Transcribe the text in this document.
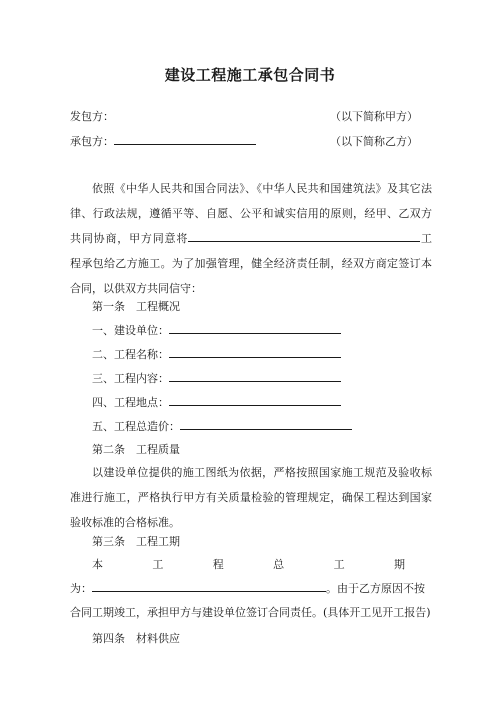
建设工程施工承包合同书
发包方：	（以下简称甲方）
承包方：	（以下简称乙方）
依照《中华人民共和国合同法》、《中华人民共和国建筑法》及其它法律、行政法规，遵循平等、自愿、公平和诚实信用的原则，经甲、乙双方共同协商，甲方同意将	工程承包给乙方施工。为了加强管理，健全经济责任制，经双方商定签订本合同，以供双方共同信守：
第一条　工程概况
一、建设单位：
二、工程名称：
三、工程内容：
四、工程地点：
五、工程总造价：
第二条　工程质量
以建设单位提供的施工图纸为依据，严格按照国家施工规范及验收标准进行施工，严格执行甲方有关质量检验的管理规定，确保工程达到国家验收标准的合格标准。
第三条　工程工期
本	工	程	总	工	期
为：	。由于乙方原因不按
合同工期竣工，承担甲方与建设单位签订合同责任。(具体开工见开工报告)
第四条　材料供应
